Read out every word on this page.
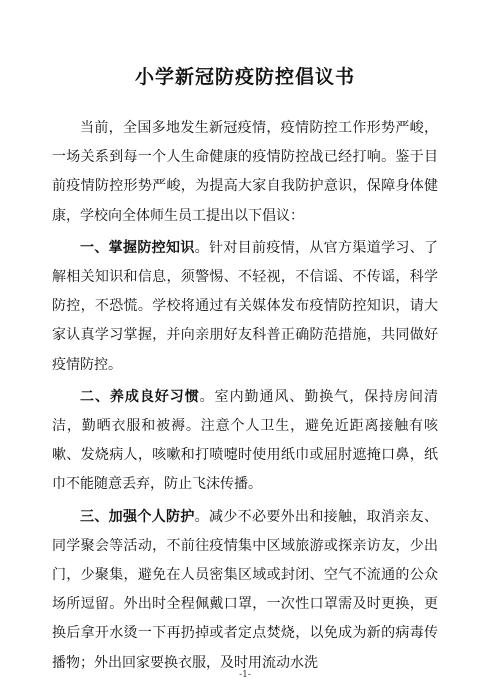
小学新冠防疫防控倡议书

当前，全国多地发生新冠疫情，疫情防控工作形势严峻，一场关系到每一个人生命健康的疫情防控战已经打响。鉴于目前疫情防控形势严峻，为提高大家自我防护意识，保障身体健康，学校向全体师生员工提出以下倡议：

一、掌握防控知识。针对目前疫情，从官方渠道学习、了解相关知识和信息，须警惕、不轻视，不信谣、不传谣，科学防控，不恐慌。学校将通过有关媒体发布疫情防控知识，请大家认真学习掌握，并向亲朋好友科普正确防范措施，共同做好疫情防控。

二、养成良好习惯。室内勤通风、勤换气，保持房间清洁，勤晒衣服和被褥。注意个人卫生，避免近距离接触有咳嗽、发烧病人，咳嗽和打喷嚏时使用纸巾或屈肘遮掩口鼻，纸巾不能随意丢弃，防止飞沫传播。

三、加强个人防护。减少不必要外出和接触，取消亲友、同学聚会等活动，不前往疫情集中区域旅游或探亲访友，少出门，少聚集，避免在人员密集区域或封闭、空气不流通的公众场所逗留。外出时全程佩戴口罩，一次性口罩需及时更换，更换后拿开水烫一下再扔掉或者定点焚烧，以免成为新的病毒传播物；外出回家要换衣服，及时用流动水洗

-1-
